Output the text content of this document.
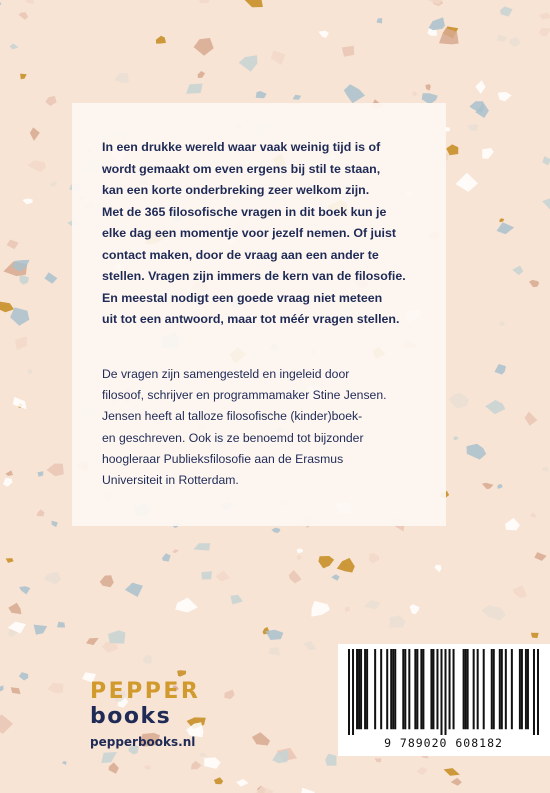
In een drukke wereld waar vaak weinig tijd is of
wordt gemaakt om even ergens bij stil te staan,
kan een korte onderbreking zeer welkom zijn.
Met de 365 filosofische vragen in dit boek kun je
elke dag een momentje voor jezelf nemen. Of juist
contact maken, door de vraag aan een ander te
stellen. Vragen zijn immers de kern van de filosofie.
En meestal nodigt een goede vraag niet meteen
uit tot een antwoord, maar tot méér vragen stellen.

De vragen zijn samengesteld en ingeleid door
filosoof, schrijver en programmamaker Stine Jensen.
Jensen heeft al talloze filosofische (kinder)boek-
en geschreven. Ook is ze benoemd tot bijzonder
hoogleraar Publieksfilosofie aan de Erasmus
Universiteit in Rotterdam.

PEPPER
books
pepperbooks.nl	9 789020 608182
